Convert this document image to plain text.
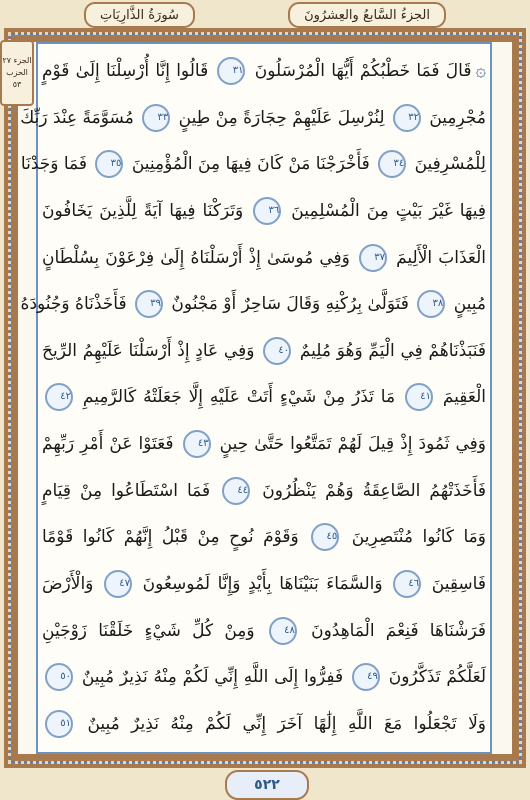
سُورَةُ الذَّارِيَاتِ	الجزءُ السَّابعُ والعِشرُونَ
الجزء ٢٧
الحزب ٥٣
۞قَالَ فَمَا خَطْبُكُمْ أَيُّهَا الْمُرْسَلُونَ ٣١ قَالُوا إِنَّا أُرْسِلْنَا إِلَىٰ قَوْمٍ
مُجْرِمِينَ ٣٢ لِنُرْسِلَ عَلَيْهِمْ حِجَارَةً مِنْ طِينٍ ٣٣ مُسَوَّمَةً عِنْدَ رَبِّكَ
لِلْمُسْرِفِينَ ٣٤ فَأَخْرَجْنَا مَنْ كَانَ فِيهَا مِنَ الْمُؤْمِنِينَ ٣٥ فَمَا وَجَدْنَا
فِيهَا غَيْرَ بَيْتٍ مِنَ الْمُسْلِمِينَ ٣٦ وَتَرَكْنَا فِيهَا آيَةً لِلَّذِينَ يَخَافُونَ
الْعَذَابَ الْأَلِيمَ ٣٧ وَفِي مُوسَىٰ إِذْ أَرْسَلْنَاهُ إِلَىٰ فِرْعَوْنَ بِسُلْطَانٍ
مُبِينٍ ٣٨ فَتَوَلَّىٰ بِرُكْنِهِ وَقَالَ سَاحِرٌ أَوْ مَجْنُونٌ ٣٩ فَأَخَذْنَاهُ وَجُنُودَهُ
فَنَبَذْنَاهُمْ فِي الْيَمِّ وَهُوَ مُلِيمٌ ٤٠ وَفِي عَادٍ إِذْ أَرْسَلْنَا عَلَيْهِمُ الرِّيحَ
الْعَقِيمَ ٤١ مَا تَذَرُ مِنْ شَيْءٍ أَتَتْ عَلَيْهِ إِلَّا جَعَلَتْهُ كَالرَّمِيمِ ٤٢
وَفِي ثَمُودَ إِذْ قِيلَ لَهُمْ تَمَتَّعُوا حَتَّىٰ حِينٍ ٤٣ فَعَتَوْا عَنْ أَمْرِ رَبِّهِمْ
فَأَخَذَتْهُمُ الصَّاعِقَةُ وَهُمْ يَنْظُرُونَ ٤٤ فَمَا اسْتَطَاعُوا مِنْ قِيَامٍ
وَمَا كَانُوا مُنْتَصِرِينَ ٤٥ وَقَوْمَ نُوحٍ مِنْ قَبْلُ إِنَّهُمْ كَانُوا قَوْمًا
فَاسِقِينَ ٤٦ وَالسَّمَاءَ بَنَيْنَاهَا بِأَيْدٍ وَإِنَّا لَمُوسِعُونَ ٤٧ وَالْأَرْضَ
فَرَشْنَاهَا فَنِعْمَ الْمَاهِدُونَ ٤٨ وَمِنْ كُلِّ شَيْءٍ خَلَقْنَا زَوْجَيْنِ
لَعَلَّكُمْ تَذَكَّرُونَ ٤٩ فَفِرُّوا إِلَى اللَّهِ إِنِّي لَكُمْ مِنْهُ نَذِيرٌ مُبِينٌ ٥٠
وَلَا تَجْعَلُوا مَعَ اللَّهِ إِلَٰهًا آخَرَ إِنِّي لَكُمْ مِنْهُ نَذِيرٌ مُبِينٌ ٥١
٥٢٢
